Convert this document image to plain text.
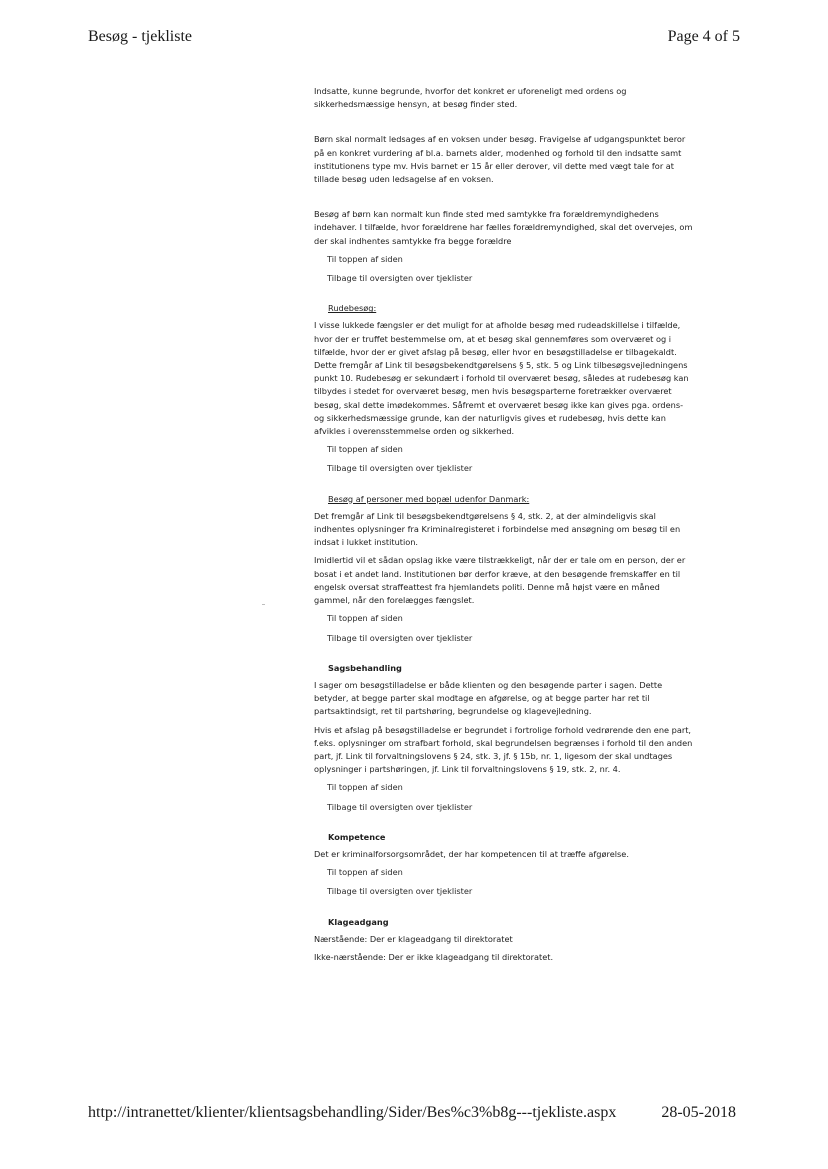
Besøg - tjekliste	Page 4 of 5

Indsatte, kunne begrunde, hvorfor det konkret er uforeneligt med ordens og sikkerhedsmæssige hensyn, at besøg finder sted.

Børn skal normalt ledsages af en voksen under besøg. Fravigelse af udgangspunktet beror på en konkret vurdering af bl.a. barnets alder, modenhed og forhold til den indsatte samt institutionens type mv. Hvis barnet er 15 år eller derover, vil dette med vægt tale for at tillade besøg uden ledsagelse af en voksen.

Besøg af børn kan normalt kun finde sted med samtykke fra forældremyndighedens indehaver. I tilfælde, hvor forældrene har fælles forældremyndighed, skal det overvejes, om der skal indhentes samtykke fra begge forældre

Til toppen af siden
Tilbage til oversigten over tjeklister
Rudebesøg:

I visse lukkede fængsler er det muligt for at afholde besøg med rudeadskillelse i tilfælde, hvor der er truffet bestemmelse om, at et besøg skal gennemføres som overværet og i tilfælde, hvor der er givet afslag på besøg, eller hvor en besøgstilladelse er tilbagekaldt. Dette fremgår af Link til besøgsbekendtgørelsens § 5, stk. 5 og Link tilbesøgsvejledningens punkt 10. Rudebesøg er sekundært i forhold til overværet besøg, således at rudebesøg kan tilbydes i stedet for overværet besøg, men hvis besøgsparterne foretrækker overværet besøg, skal dette imødekommes. Såfremt et overværet besøg ikke kan gives pga. ordens- og sikkerhedsmæssige grunde, kan der naturligvis gives et rudebesøg, hvis dette kan afvikles i overensstemmelse orden og sikkerhed.

Til toppen af siden
Tilbage til oversigten over tjeklister
Besøg af personer med bopæl udenfor Danmark:

Det fremgår af Link til besøgsbekendtgørelsens § 4, stk. 2, at der almindeligvis skal indhentes oplysninger fra Kriminalregisteret i forbindelse med ansøgning om besøg til en indsat i lukket institution.

Imidlertid vil et sådan opslag ikke være tilstrækkeligt, når der er tale om en person, der er bosat i et andet land. Institutionen bør derfor kræve, at den besøgende fremskaffer en til engelsk oversat straffeattest fra hjemlandets politi. Denne må højst være en måned gammel, når den forelægges fængslet.

Til toppen af siden
Tilbage til oversigten over tjeklister
Sagsbehandling

I sager om besøgstilladelse er både klienten og den besøgende parter i sagen. Dette betyder, at begge parter skal modtage en afgørelse, og at begge parter har ret til partsaktindsigt, ret til partshøring, begrundelse og klagevejledning.

Hvis et afslag på besøgstilladelse er begrundet i fortrolige forhold vedrørende den ene part, f.eks. oplysninger om strafbart forhold, skal begrundelsen begrænses i forhold til den anden part, jf. Link til forvaltningslovens § 24, stk. 3, jf. § 15b, nr. 1, ligesom der skal undtages oplysninger i partshøringen, jf. Link til forvaltningslovens § 19, stk. 2, nr. 4.

Til toppen af siden
Tilbage til oversigten over tjeklister
Kompetence

Det er kriminalforsorgsområdet, der har kompetencen til at træffe afgørelse.

Til toppen af siden
Tilbage til oversigten over tjeklister
Klageadgang

Nærstående: Der er klageadgang til direktoratet

Ikke-nærstående: Der er ikke klageadgang til direktoratet.

http://intranettet/klienter/klientsagsbehandling/Sider/Bes%c3%b8g---tjekliste.aspx	28-05-2018
